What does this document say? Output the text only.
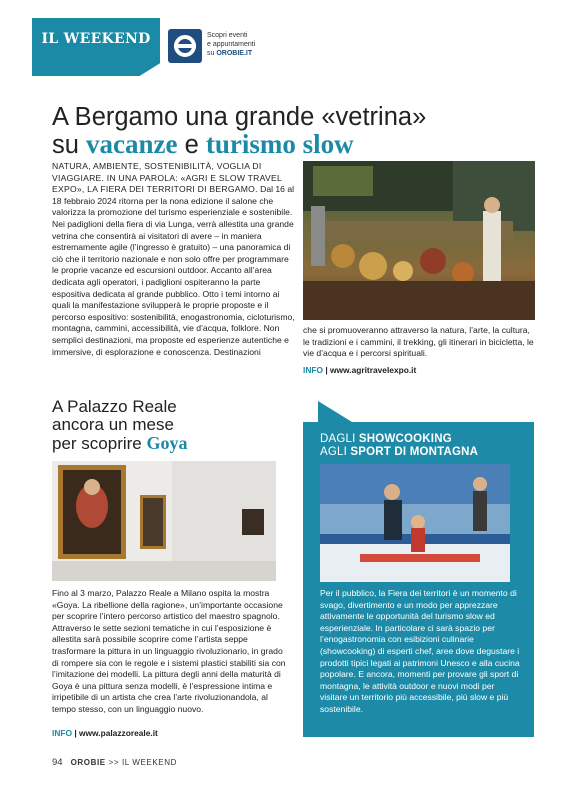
IL WEEKEND	Scopri eventi
e appuntamenti
su OROBIE.IT
A Bergamo una grande «vetrina»
su vacanze e turismo slow
NATURA, AMBIENTE, SOSTENIBILITÀ, VOGLIA DI VIAGGIARE. IN UNA PAROLA: «AGRI E SLOW TRAVEL EXPO», LA FIERA DEI TERRITORI DI BERGAMO. Dal 16 al 18 febbraio 2024 ritorna per la nona edizione il salone che valorizza la promozione del turismo esperienziale e sostenibile. Nei padiglioni della fiera di via Lunga, verrà allestita una grande vetrina che consentirà ai visitatori di avere – in maniera estremamente agile (l’ingresso è gratuito) – una panoramica di ciò che il territorio nazionale e non solo offre per programmare le proprie vacanze ed escursioni outdoor. Accanto all’area dedicata agli operatori, i padiglioni ospiteranno la parte espositiva dedicata al grande pubblico. Otto i temi intorno ai quali la manifestazione svilupperà le proprie proposte e il percorso espositivo: sostenibilità, enogastronomia, cicloturismo, montagna, cammini, accessibilità, vie d’acqua, folklore. Non semplici destinazioni, ma proposte ed esperienze autentiche e immersive, di esplorazione e conoscenza. Destinazioni
che si promuoveranno attraverso la natura, l’arte, la cultura, le tradizioni e i cammini, il trekking, gli itinerari in bicicletta, le vie d’acqua e i percorsi spirituali.
INFO | www.agritravelexpo.it
A Palazzo Reale
ancora un mese
per scoprire Goya
Fino al 3 marzo, Palazzo Reale a Milano ospita la mostra «Goya. La ribellione della ragione», un’importante occasione per scoprire l’intero percorso artistico del maestro spagnolo. Attraverso le sette sezioni tematiche in cui l’esposizione è allestita sarà possibile scoprire come l’artista seppe trasformare la pittura in un linguaggio rivoluzionario, in grado di rompere sia con le regole e i sistemi plastici stabiliti sia con l’imitazione dei modelli. La pittura degli anni della maturità di Goya è una pittura senza modelli, è l’espressione intima e irripetibile di un artista che crea l’arte rivoluzionandola, al tempo stesso, con un linguaggio nuovo.
INFO | www.palazzoreale.it
DAGLI SHOWCOOKING
AGLI SPORT DI MONTAGNA
Per il pubblico, la Fiera dei territori è un momento di svago, divertimento e un modo per apprezzare attivamente le opportunità del turismo slow ed esperienziale. In particolare ci sarà spazio per l’enogastronomia con esibizioni culinarie (showcooking) di esperti chef, aree dove degustare i prodotti tipici legati ai patrimoni Unesco e alla cucina popolare. E ancora, momenti per provare gli sport di montagna, le attività outdoor e nuovi modi per visitare un territorio più accessibile, più slow e più sostenibile.
94 OROBIE >> IL WEEKEND
